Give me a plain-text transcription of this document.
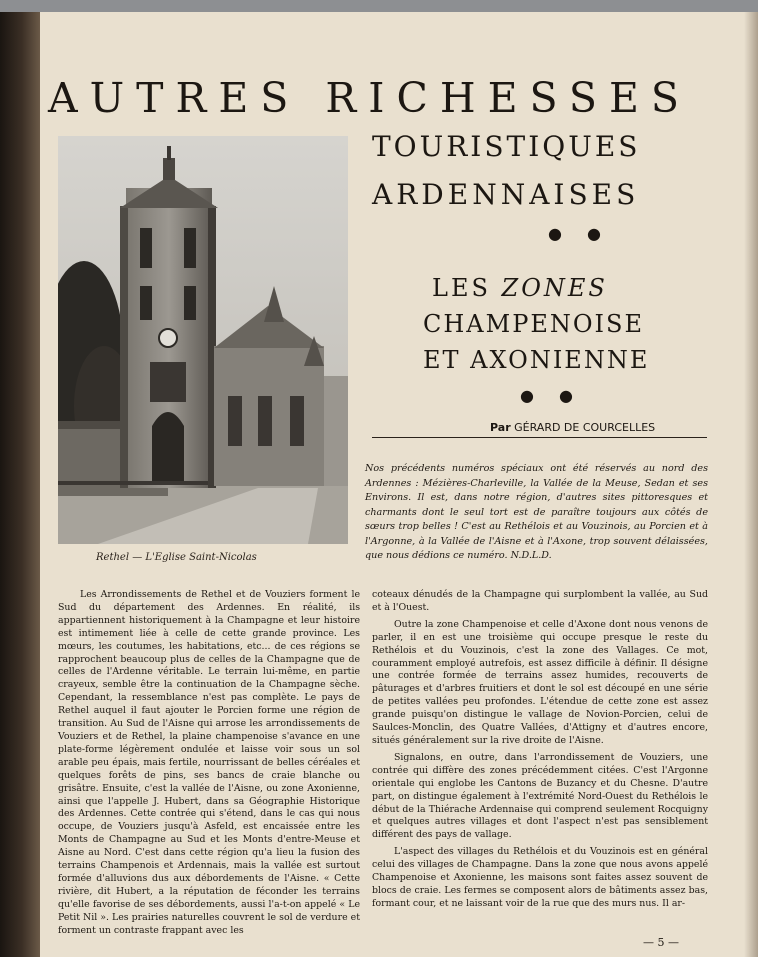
AUTRES RICHESSES
Rethel — L'Eglise Saint-Nicolas
TOURISTIQUES
ARDENNAISES
● ●
LES ZONES
CHAMPENOISE
ET AXONIENNE
● ●
Par GÉRARD DE COURCELLES

Nos précédents numéros spéciaux ont été réservés au nord des Ardennes : Mézières-Charleville, la Vallée de la Meuse, Sedan et ses Environs. Il est, dans notre région, d'autres sites pittoresques et charmants dont le seul tort est de paraître toujours aux côtés de sœurs trop belles ! C'est au Rethélois et au Vouzinois, au Porcien et à l'Argonne, à la Vallée de l'Aisne et à l'Axone, trop souvent délaissées, que nous dédions ce numéro. N.D.L.D.

Les Arrondissements de Rethel et de Vouziers forment le Sud du département des Ardennes. En réalité, ils appartiennent historiquement à la Champagne et leur histoire est intimement liée à celle de cette grande province. Les mœurs, les coutumes, les habitations, etc... de ces régions se rapprochent beaucoup plus de celles de la Champagne que de celles de l'Ardenne véritable. Le terrain lui-même, en partie crayeux, semble être la continuation de la Champagne sèche. Cependant, la ressemblance n'est pas complète. Le pays de Rethel auquel il faut ajouter le Porcien forme une région de transition. Au Sud de l'Aisne qui arrose les arrondissements de Vouziers et de Rethel, la plaine champenoise s'avance en une plate-forme légèrement ondulée et laisse voir sous un sol arable peu épais, mais fertile, nourrissant de belles céréales et quelques forêts de pins, ses bancs de craie blanche ou grisâtre. Ensuite, c'est la vallée de l'Aisne, ou zone Axonienne, ainsi que l'appelle J. Hubert, dans sa Géographie Historique des Ardennes. Cette contrée qui s'étend, dans le cas qui nous occupe, de Vouziers jusqu'à Asfeld, est encaissée entre les Monts de Champagne au Sud et les Monts d'entre-Meuse et Aisne au Nord. C'est dans cette région qu'a lieu la fusion des terrains Champenois et Ardennais, mais la vallée est surtout formée d'alluvions dus aux débordements de l'Aisne. « Cette rivière, dit Hubert, a la réputation de féconder les terrains qu'elle favorise de ses débordements, aussi l'a-t-on appelé « Le Petit Nil ». Les prairies naturelles couvrent le sol de verdure et forment un contraste frappant avec les

coteaux dénudés de la Champagne qui surplombent la vallée, au Sud et à l'Ouest.

Outre la zone Champenoise et celle d'Axone dont nous venons de parler, il en est une troisième qui occupe presque le reste du Rethélois et du Vouzinois, c'est la zone des Vallages. Ce mot, couramment employé autrefois, est assez difficile à définir. Il désigne une contrée formée de terrains assez humides, recouverts de pâturages et d'arbres fruitiers et dont le sol est découpé en une série de petites vallées peu profondes. L'étendue de cette zone est assez grande puisqu'on distingue le vallage de Novion-Porcien, celui de Saulces-Monclin, des Quatre Vallées, d'Attigny et d'autres encore, situés généralement sur la rive droite de l'Aisne.

Signalons, en outre, dans l'arrondissement de Vouziers, une contrée qui diffère des zones précédemment citées. C'est l'Argonne orientale qui englobe les Cantons de Buzancy et du Chesne. D'autre part, on distingue également à l'extrémité Nord-Ouest du Rethélois le début de la Thiérache Ardennaise qui comprend seulement Rocquigny et quelques autres villages et dont l'aspect n'est pas sensiblement différent des pays de vallage.

L'aspect des villages du Rethélois et du Vouzinois est en général celui des villages de Champagne. Dans la zone que nous avons appelé Champenoise et Axonienne, les maisons sont faites assez souvent de blocs de craie. Les fermes se composent alors de bâtiments assez bas, formant cour, et ne laissant voir de la rue que des murs nus. Il ar-

— 5 —
